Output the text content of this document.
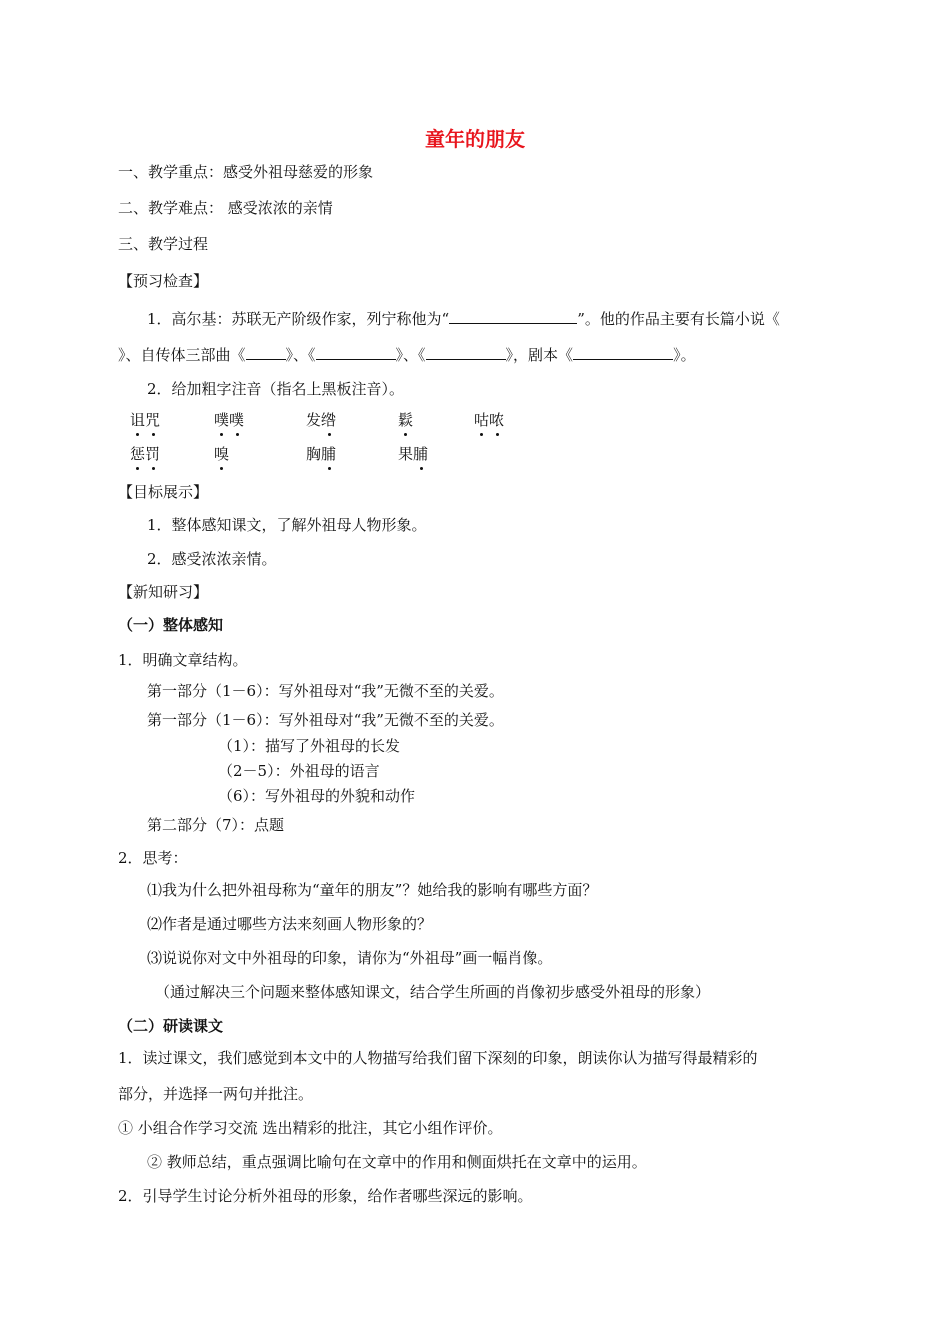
童年的朋友
一、教学重点：感受外祖母慈爱的形象
二、教学难点： 感受浓浓的亲情
三、教学过程
【预习检查】
1．高尔基：苏联无产阶级作家，列宁称他为“	”。他的作品主要有长篇小说《
》、自传体三部曲《	》、《	》、《	》，剧本《	》。
2．给加粗字注音（指名上黑板注音）。
诅咒	噗噗	发绺	鬏	咕哝
惩罚	嗅	胸脯	果脯
【目标展示】
1．整体感知课文，了解外祖母人物形象。
2．感受浓浓亲情。
【新知研习】
（一）整体感知
1．明确文章结构。
第一部分（1－6）：写外祖母对“我”无微不至的关爱。
第一部分（1－6）：写外祖母对“我”无微不至的关爱。
（1）：描写了外祖母的长发
（2－5）：外祖母的语言
（6）：写外祖母的外貌和动作
第二部分（7）：点题
2．思考：
⑴我为什么把外祖母称为“童年的朋友”？她给我的影响有哪些方面？
⑵作者是通过哪些方法来刻画人物形象的？
⑶说说你对文中外祖母的印象，请你为“外祖母”画一幅肖像。
（通过解决三个问题来整体感知课文，结合学生所画的肖像初步感受外祖母的形象）
（二）研读课文
1．读过课文，我们感觉到本文中的人物描写给我们留下深刻的印象，朗读你认为描写得最精彩的
部分，并选择一两句并批注。
① 小组合作学习交流 选出精彩的批注，其它小组作评价。
② 教师总结，重点强调比喻句在文章中的作用和侧面烘托在文章中的运用。
2．引导学生讨论分析外祖母的形象，给作者哪些深远的影响。
